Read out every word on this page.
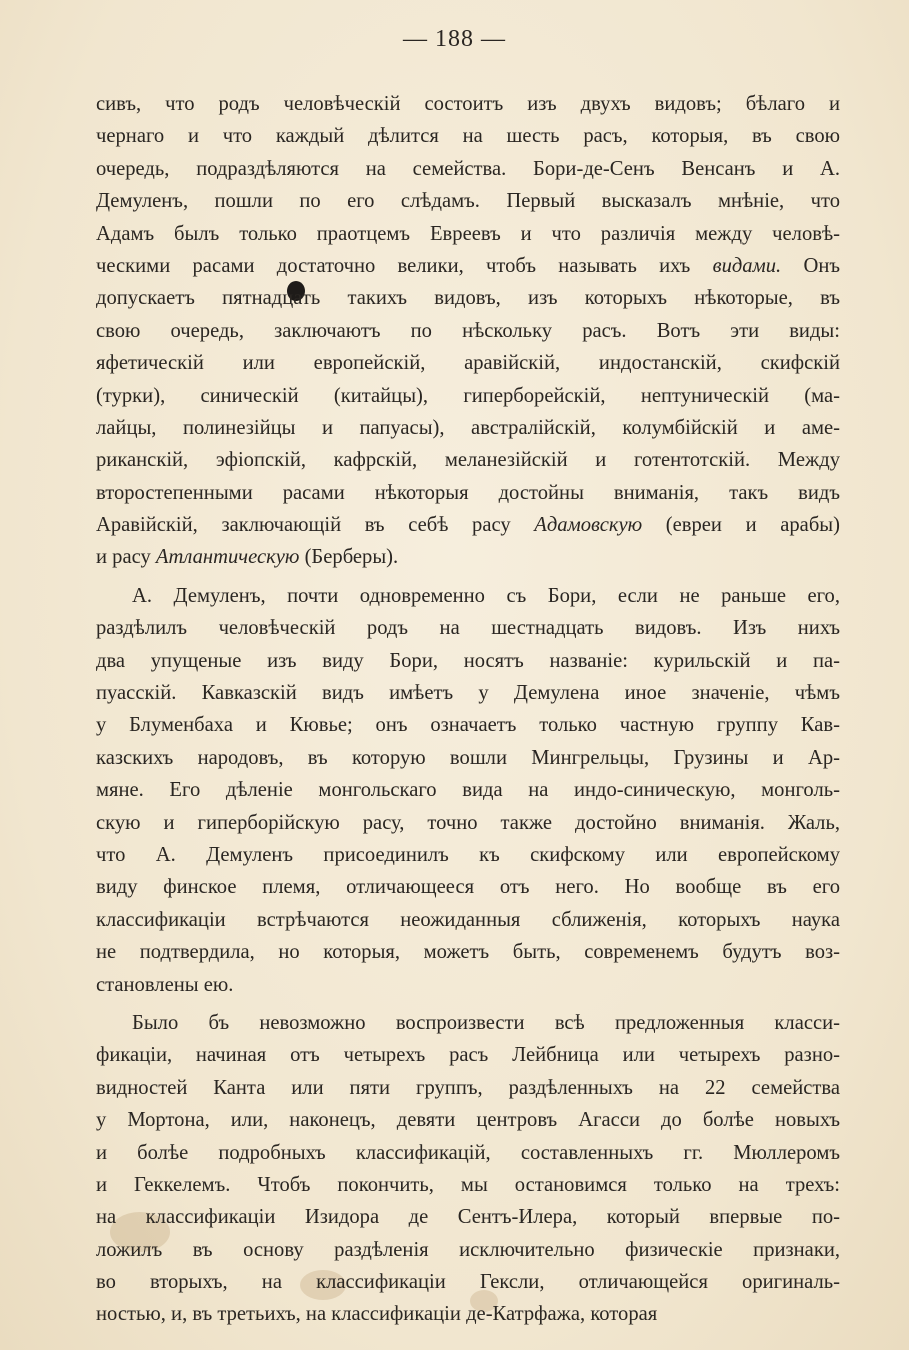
— 188 —
сивъ, что родъ человѣческій состоитъ изъ двухъ видовъ; бѣлаго и
чернаго и что каждый дѣлится на шесть расъ, которыя, въ свою
очередь, подраздѣляются на семейства. Бори-де-Сенъ Венсанъ и А.
Демуленъ, пошли по его слѣдамъ. Первый высказалъ мнѣніе, что
Адамъ былъ только праотцемъ Евреевъ и что различія между человѣ-
ческими расами достаточно велики, чтобъ называть ихъ видами. Онъ
допускаетъ пятнадцать такихъ видовъ, изъ которыхъ нѣкоторые, въ
свою очередь, заключаютъ по нѣскольку расъ. Вотъ эти виды:
яфетическій или европейскій, аравійскій, индостанскій, скифскій
(турки), синическій (китайцы), гиперборейскій, нептуническій (ма-
лайцы, полинезійцы и папуасы), австралійскій, колумбійскій и аме-
риканскій, эфіопскій, кафрскій, меланезійскій и готентотскій. Между
второстепенными расами нѣкоторыя достойны вниманія, такъ видъ
Аравійскій, заключающій въ себѣ расу Адамовскую (евреи и арабы)
и расу Атлантическую (Берберы).
А. Демуленъ, почти одновременно съ Бори, если не раньше его,
раздѣлилъ человѣческій родъ на шестнадцать видовъ. Изъ нихъ
два упущеные изъ виду Бори, носятъ названіе: курильскій и па-
пуасскій. Кавказскій видъ имѣетъ у Демулена иное значеніе, чѣмъ
у Блуменбаха и Кювье; онъ означаетъ только частную группу Кав-
казскихъ народовъ, въ которую вошли Мингрельцы, Грузины и Ар-
мяне. Его дѣленіе монгольскаго вида на индо-синическую, монголь-
скую и гиперборійскую расу, точно также достойно вниманія. Жаль,
что А. Демуленъ присоединилъ къ скифскому или европейскому
виду финское племя, отличающееся отъ него. Но вообще въ его
классификаціи встрѣчаются неожиданныя сближенія, которыхъ наука
не подтвердила, но которыя, можетъ быть, современемъ будутъ воз-
становлены ею.
Было бъ невозможно воспроизвести всѣ предложенныя класси-
фикаціи, начиная отъ четырехъ расъ Лейбница или четырехъ разно-
видностей Канта или пяти группъ, раздѣленныхъ на 22 семейства
у Мортона, или, наконецъ, девяти центровъ Агасси до болѣе новыхъ
и болѣе подробныхъ классификацій, составленныхъ гг. Мюллеромъ
и Геккелемъ. Чтобъ покончить, мы остановимся только на трехъ:
на классификаціи Изидора де Сентъ-Илера, который впервые по-
ложилъ въ основу раздѣленія исключительно физическіе признаки,
во вторыхъ, на классификаціи Гексли, отличающейся оригиналь-
ностью, и, въ третьихъ, на классификаціи де-Катрфажа, которая
